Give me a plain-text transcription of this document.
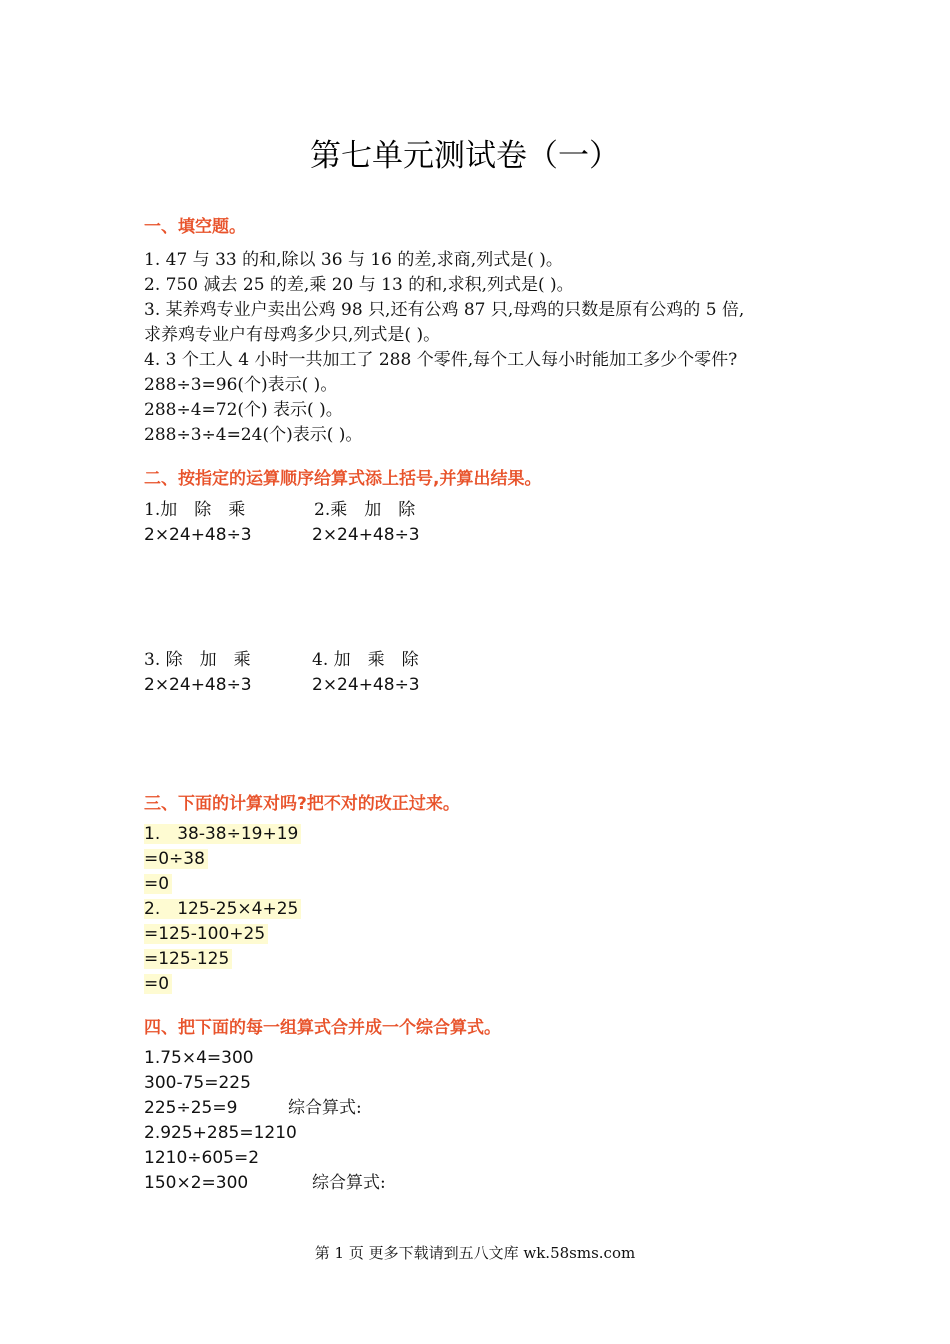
第七单元测试卷（一）
一、填空题。
1. 47 与 33 的和,除以 36 与 16 的差,求商,列式是( )。
2. 750 减去 25 的差,乘 20 与 13 的和,求积,列式是( )。
3. 某养鸡专业户卖出公鸡 98 只,还有公鸡 87 只,母鸡的只数是原有公鸡的 5 倍,
求养鸡专业户有母鸡多少只,列式是( )。
4. 3 个工人 4 小时一共加工了 288 个零件,每个工人每小时能加工多少个零件?
288÷3=96(个)表示( )。
288÷4=72(个) 表示( )。
288÷3÷4=24(个)表示( )。
二、按指定的运算顺序给算式添上括号,并算出结果。
1.加　除　乘	2.乘　加　除
2×24+48÷3	2×24+48÷3
3. 除　加　乘	4. 加　乘　除
2×24+48÷3	2×24+48÷3
三、下面的计算对吗?把不对的改正过来。
1.　38-38÷19+19
=0÷38
=0
2.　125-25×4+25
=125-100+25
=125-125
=0
四、把下面的每一组算式合并成一个综合算式。
1.75×4=300
300-75=225
225÷25=9	综合算式:
2.925+285=1210
1210÷605=2
150×2=300	综合算式:
第 1 页 更多下载请到五八文库 wk.58sms.com
